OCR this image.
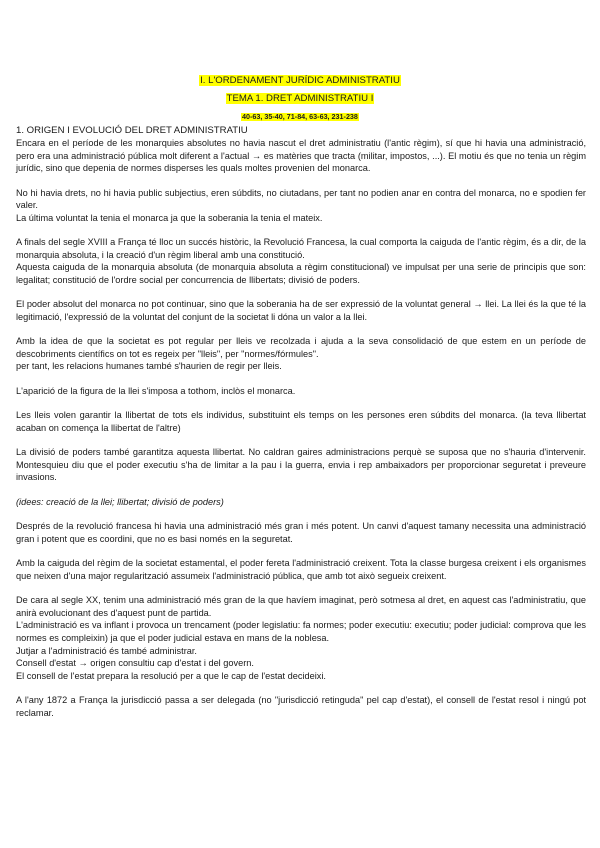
I. L'ORDENAMENT JURÍDIC ADMINISTRATIU
TEMA 1. DRET ADMINISTRATIU I
40-63, 35-40, 71-84, 63-63, 231-238

1. ORIGEN I EVOLUCIÓ DEL DRET ADMINISTRATIU

Encara en el període de les monarquies absolutes no havia nascut el dret administratiu (l'antic règim), sí que hi havia una administració, pero era una administració pública molt diferent a l'actual → es matèries que tracta (militar, impostos, ...). El motiu és que no tenia un règim jurídic, sino que depenia de normes disperses les quals moltes provenien del monarca.

No hi havia drets, no hi havia public subjectius, eren súbdits, no ciutadans, per tant no podien anar en contra del monarca, no e spodien fer valer.
La última voluntat la tenia el monarca ja que la soberania la tenia el mateix.

A finals del segle XVIII a França té lloc un succés històric, la Revolució Francesa, la cual comporta la caiguda de l'antic règim, és a dir, de la monarquia absoluta, i la creació d'un règim liberal amb una constitució.
Aquesta caiguda de la monarquia absoluta (de monarquia absoluta a règim constitucional) ve impulsat per una serie de principis que son: legalitat; constitució de l'ordre social per concurrencia de llibertats; divisió de poders.

El poder absolut del monarca no pot continuar, sino que la soberania ha de ser expressió de la voluntat general → llei. La llei és la que té la legitimació, l'expressió de la voluntat del conjunt de la societat li dóna un valor a la llei.

Amb la idea de que la societat es pot regular per lleis ve recolzada i ajuda a la seva consolidació de que estem en un període de descobriments científics on tot es regeix per "lleis", per "normes/fórmules".
per tant, les relacions humanes també s'haurien de regir per lleis.

L'aparició de la figura de la llei s'imposa a tothom, inclòs el monarca.

Les lleis volen garantir la llibertat de tots els individus, substituint els temps on les persones eren súbdits del monarca. (la teva llibertat acaban on comença la llibertat de l'altre)

La divisió de poders també garantitza aquesta llibertat. No caldran gaires administracions perquè se suposa que no s'hauria d'intervenir. Montesquieu diu que el poder executiu s'ha de limitar a la pau i la guerra, envia i rep ambaixadors per proporcionar seguretat i preveure invasions.

(idees: creació de la llei; llibertat; divisió de poders)

Després de la revolució francesa hi havia una administració més gran i més potent. Un canvi d'aquest tamany necessita una administració gran i potent que es coordini, que no es basi només en la seguretat.

Amb la caiguda del règim de la societat estamental, el poder fereta l'administració creixent. Tota la classe burgesa creixent i els organismes que neixen d'una major regularització assumeix l'administració pública, que amb tot això segueix creixent.

De cara al segle XX, tenim una administració més gran de la que havíem imaginat, però sotmesa al dret, en aquest cas l'administratiu, que anirà evolucionant des d'aquest punt de partida.
L'administració es va inflant i provoca un trencament (poder legislatiu: fa normes; poder executiu: executiu; poder judicial: comprova que les normes es compleixin) ja que el poder judicial estava en mans de la noblesa.
Jutjar a l'administració és també administrar.
Consell d'estat → origen consultiu cap d'estat i del govern.
El consell de l'estat prepara la resolució per a que le cap de l'estat decideixi.

A l'any 1872 a França la jurisdicció passa a ser delegada (no "jurisdicció retinguda" pel cap d'estat), el consell de l'estat resol i ningú pot reclamar.
